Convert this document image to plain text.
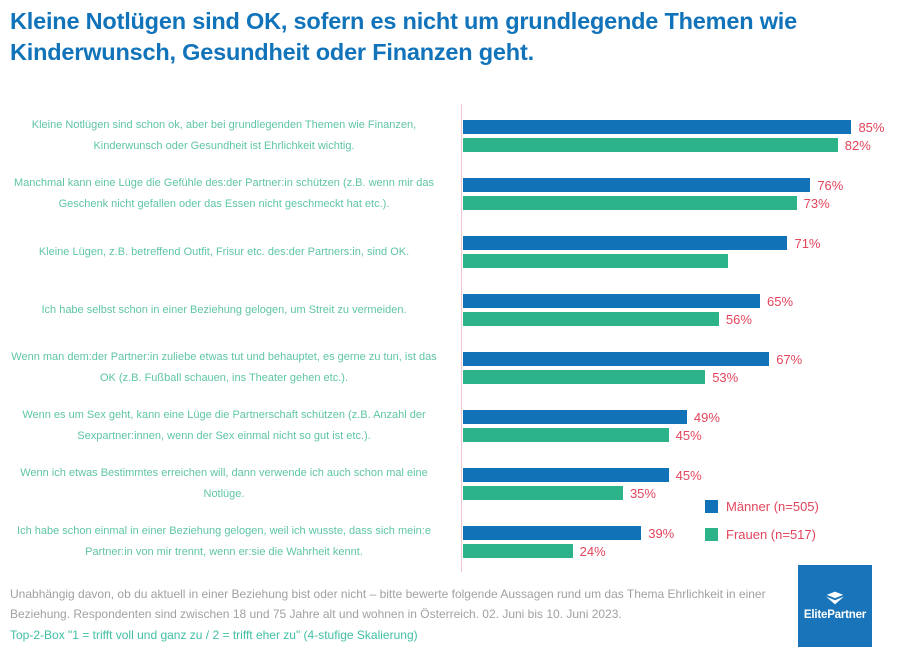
Kleine Notlügen sind OK, sofern es nicht um grundlegende Themen wie Kinderwunsch, Gesundheit oder Finanzen geht.
Kleine Notlügen sind schon ok, aber bei grundlegenden Themen wie Finanzen, Kinderwunsch oder Gesundheit ist Ehrlichkeit wichtig.
85%
82%
Manchmal kann eine Lüge die Gefühle des:der Partner:in schützen (z.B. wenn mir das Geschenk nicht gefallen oder das Essen nicht geschmeckt hat etc.).
76%
73%
Kleine Lügen, z.B. betreffend Outfit, Frisur etc. des:der Partners:in, sind OK.
71%
Ich habe selbst schon in einer Beziehung gelogen, um Streit zu vermeiden.
65%
56%
Wenn man dem:der Partner:in zuliebe etwas tut und behauptet, es gerne zu tun, ist das OK (z.B. Fußball schauen, ins Theater gehen etc.).
67%
53%
Wenn es um Sex geht, kann eine Lüge die Partnerschaft schützen (z.B. Anzahl der Sexpartner:innen, wenn der Sex einmal nicht so gut ist etc.).
49%
45%
Wenn ich etwas Bestimmtes erreichen will, dann verwende ich auch schon mal eine Notlüge.
45%
35%
Ich habe schon einmal in einer Beziehung gelogen, weil ich wusste, dass sich mein:e Partner:in von mir trennt, wenn er:sie die Wahrheit kennt.
39%
24%
Männer (n=505)
Frauen (n=517)
Unabhängig davon, ob du aktuell in einer Beziehung bist oder nicht – bitte bewerte folgende Aussagen rund um das Thema Ehrlichkeit in einer Beziehung. Respondenten sind zwischen 18 und 75 Jahre alt und wohnen in Österreich. 02. Juni bis 10. Juni 2023.
Top-2-Box "1 = trifft voll und ganz zu / 2 = trifft eher zu" (4-stufige Skalierung)
ElitePartner
